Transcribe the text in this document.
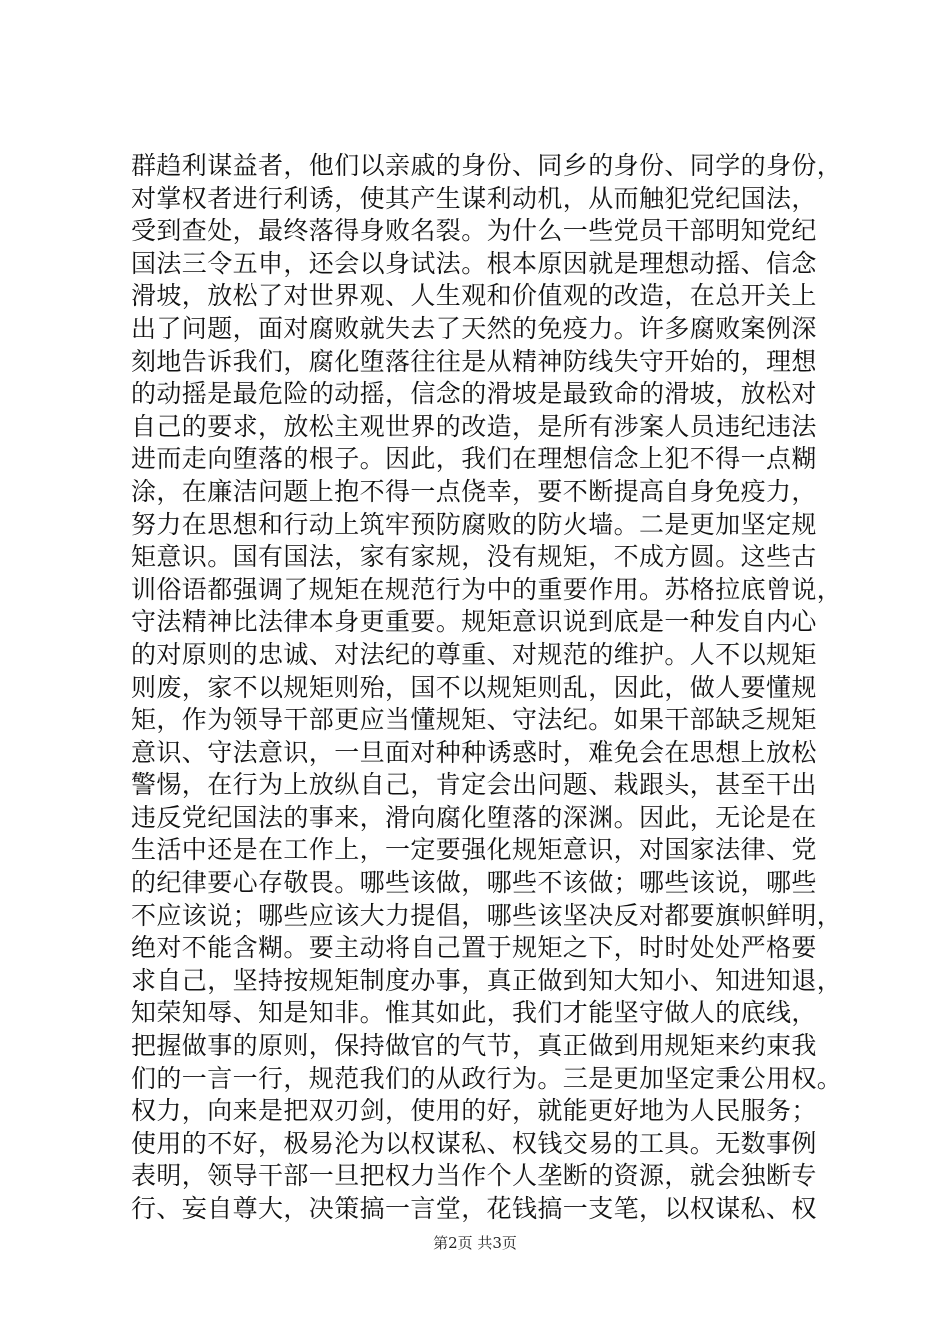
群趋利谋益者，他们以亲戚的身份、同乡的身份、同学的身份，
对掌权者进行利诱，使其产生谋利动机，从而触犯党纪国法，
受到查处，最终落得身败名裂。为什么一些党员干部明知党纪
国法三令五申，还会以身试法。根本原因就是理想动摇、信念
滑坡，放松了对世界观、人生观和价值观的改造，在总开关上
出了问题，面对腐败就失去了天然的免疫力。许多腐败案例深
刻地告诉我们，腐化堕落往往是从精神防线失守开始的，理想
的动摇是最危险的动摇，信念的滑坡是最致命的滑坡，放松对
自己的要求，放松主观世界的改造，是所有涉案人员违纪违法
进而走向堕落的根子。因此，我们在理想信念上犯不得一点糊
涂，在廉洁问题上抱不得一点侥幸，要不断提高自身免疫力，
努力在思想和行动上筑牢预防腐败的防火墙。二是更加坚定规
矩意识。国有国法，家有家规，没有规矩，不成方圆。这些古
训俗语都强调了规矩在规范行为中的重要作用。苏格拉底曾说，
守法精神比法律本身更重要。规矩意识说到底是一种发自内心
的对原则的忠诚、对法纪的尊重、对规范的维护。人不以规矩
则废，家不以规矩则殆，国不以规矩则乱，因此，做人要懂规
矩，作为领导干部更应当懂规矩、守法纪。如果干部缺乏规矩
意识、守法意识，一旦面对种种诱惑时，难免会在思想上放松
警惕，在行为上放纵自己，肯定会出问题、栽跟头，甚至干出
违反党纪国法的事来，滑向腐化堕落的深渊。因此，无论是在
生活中还是在工作上，一定要强化规矩意识，对国家法律、党
的纪律要心存敬畏。哪些该做，哪些不该做；哪些该说，哪些
不应该说；哪些应该大力提倡，哪些该坚决反对都要旗帜鲜明，
绝对不能含糊。要主动将自己置于规矩之下，时时处处严格要
求自己，坚持按规矩制度办事，真正做到知大知小、知进知退，
知荣知辱、知是知非。惟其如此，我们才能坚守做人的底线，
把握做事的原则，保持做官的气节，真正做到用规矩来约束我
们的一言一行，规范我们的从政行为。三是更加坚定秉公用权。
权力，向来是把双刃剑，使用的好，就能更好地为人民服务；
使用的不好，极易沦为以权谋私、权钱交易的工具。无数事例
表明，领导干部一旦把权力当作个人垄断的资源，就会独断专
行、妄自尊大，决策搞一言堂，花钱搞一支笔，以权谋私、权
第2页 共3页
